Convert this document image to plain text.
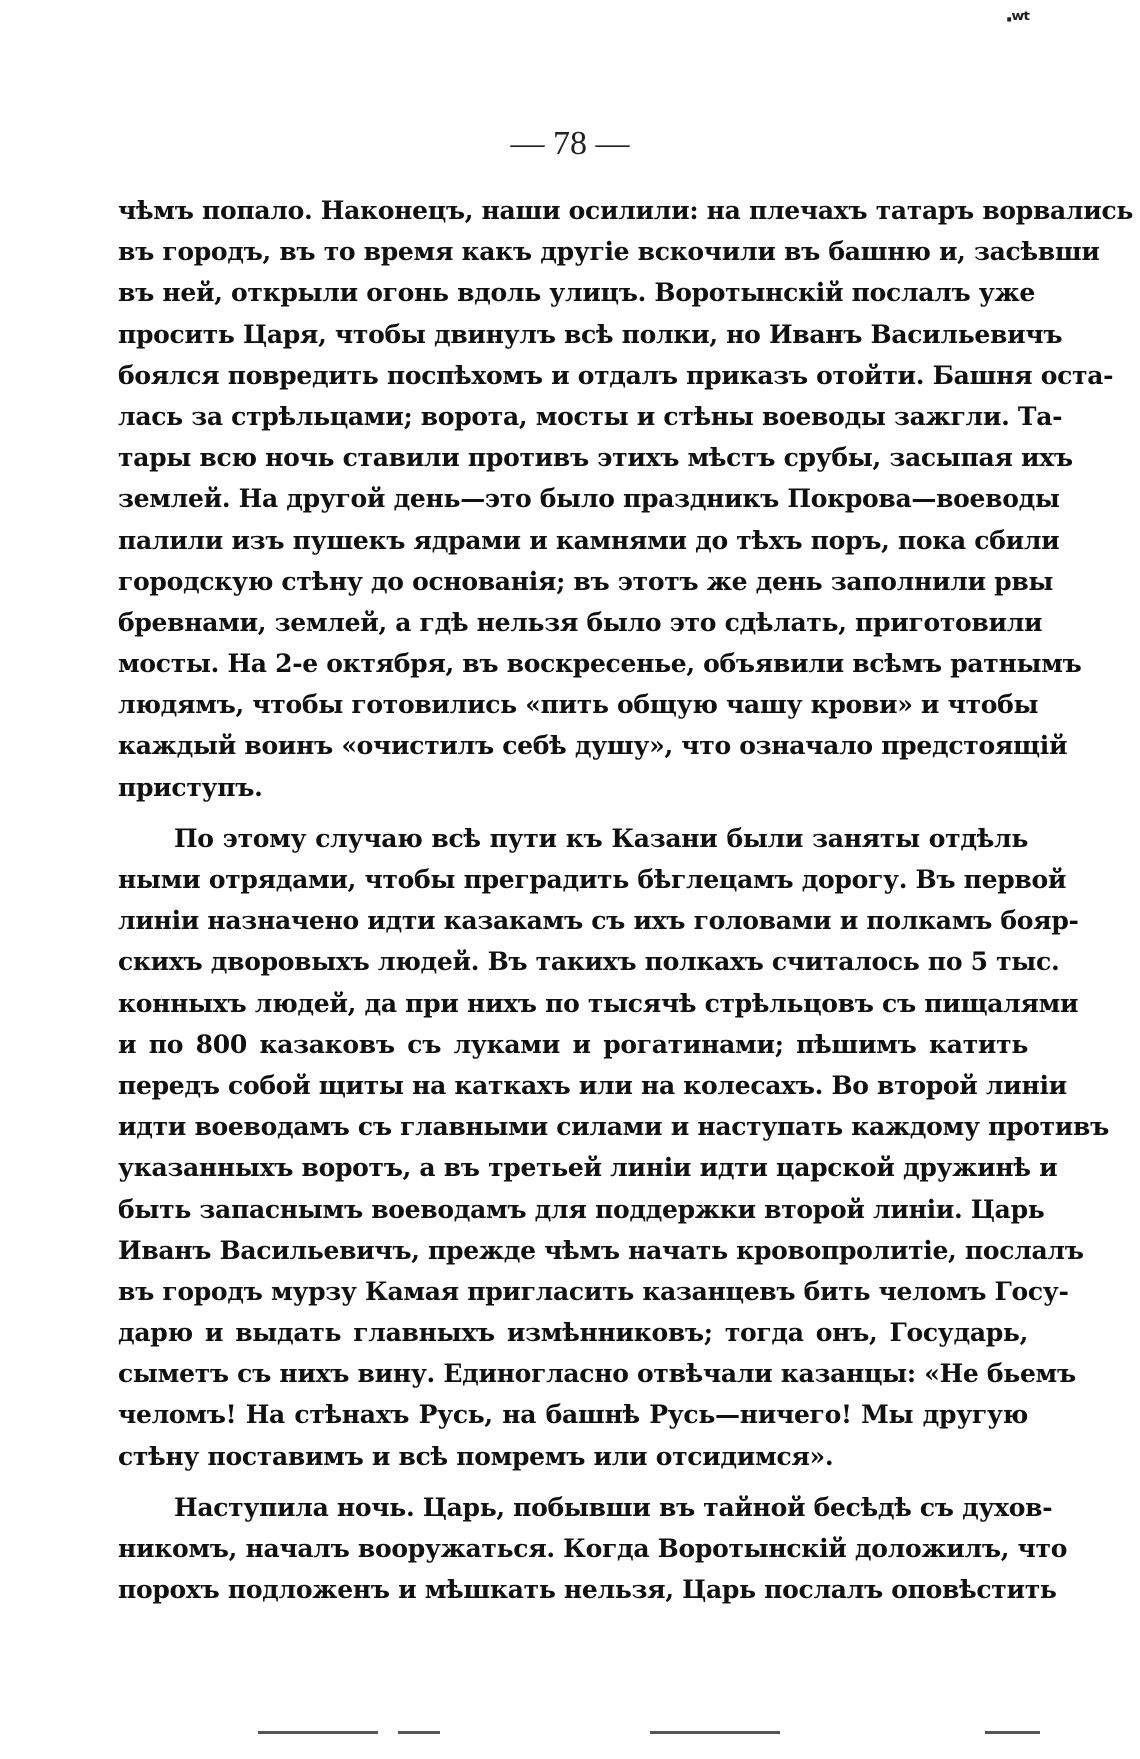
·ʷᵗ
— 78 —
чѣмъ попало. Наконецъ, наши осилили: на плечахъ татаръ ворвались
въ городъ, въ то время какъ другіе вскочили въ башню и, засѣвши
въ ней, открыли огонь вдоль улицъ. Воротынскій послалъ уже
просить Царя, чтобы двинулъ всѣ полки, но Иванъ Васильевичъ
боялся повредить поспѣхомъ и отдалъ приказъ отойти. Башня оста-
лась за стрѣльцами; ворота, мосты и стѣны воеводы зажгли. Та-
тары всю ночь ставили противъ этихъ мѣстъ срубы, засыпая ихъ
землей. На другой день—это было праздникъ Покрова—воеводы
палили изъ пушекъ ядрами и камнями до тѣхъ поръ, пока сбили
городскую стѣну до основанія; въ этотъ же день заполнили рвы
бревнами, землей, а гдѣ нельзя было это сдѣлать, приготовили
мосты. На 2-е октября, въ воскресенье, объявили всѣмъ ратнымъ
людямъ, чтобы готовились «пить общую чашу крови» и чтобы
каждый воинъ «очистилъ себѣ душу», что означало предстоящій
приступъ.
По этому случаю всѣ пути къ Казани были заняты отдѣль
ными отрядами, чтобы преградить бѣглецамъ дорогу. Въ первой
линіи назначено идти казакамъ съ ихъ головами и полкамъ бояр-
скихъ дворовыхъ людей. Въ такихъ полкахъ считалось по 5 тыс.
конныхъ людей, да при нихъ по тысячѣ стрѣльцовъ съ пищалями
и по 800 казаковъ съ луками и рогатинами; пѣшимъ катить
передъ собой щиты на каткахъ или на колесахъ. Во второй линіи
идти воеводамъ съ главными силами и наступать каждому противъ
указанныхъ воротъ, а въ третьей линіи идти царской дружинѣ и
быть запаснымъ воеводамъ для поддержки второй линіи. Царь
Иванъ Васильевичъ, прежде чѣмъ начать кровопролитіе, послалъ
въ городъ мурзу Камая пригласить казанцевъ бить челомъ Госу-
дарю и выдать главныхъ измѣнниковъ; тогда онъ, Государь,
сыметъ съ нихъ вину. Единогласно отвѣчали казанцы: «Не бьемъ
челомъ! На стѣнахъ Русь, на башнѣ Русь—ничего! Мы другую
стѣну поставимъ и всѣ помремъ или отсидимся».
Наступила ночь. Царь, побывши въ тайной бесѣдѣ съ духов-
никомъ, началъ вооружаться. Когда Воротынскій доложилъ, что
порохъ подложенъ и мѣшкать нельзя, Царь послалъ оповѣстить
